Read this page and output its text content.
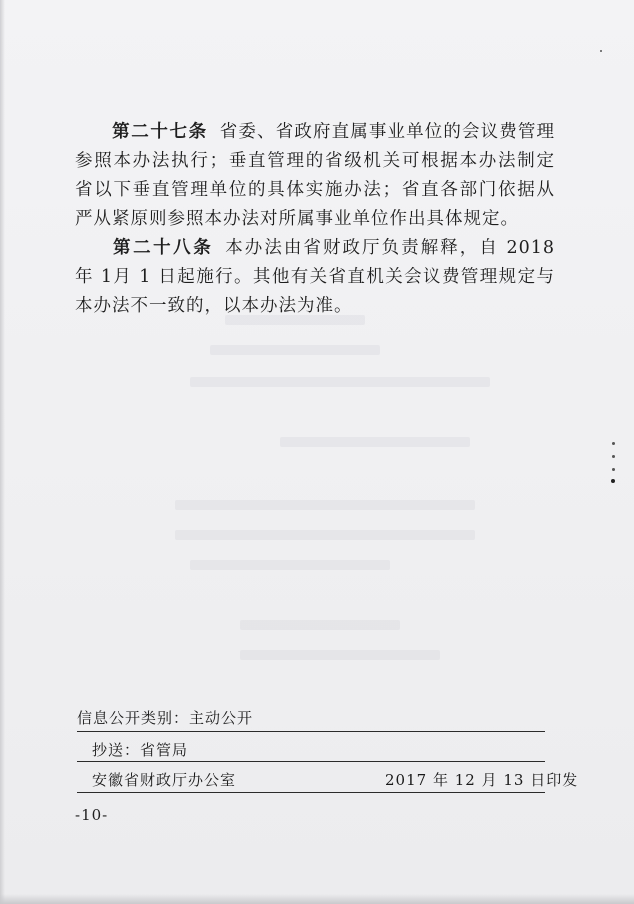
第二十七条 省委、省政府直属事业单位的会议费管理参照本办法执行；垂直管理的省级机关可根据本办法制定省以下垂直管理单位的具体实施办法；省直各部门依据从严从紧原则参照本办法对所属事业单位作出具体规定。

第二十八条 本办法由省财政厅负责解释，自 2018 年 1月 1 日起施行。其他有关省直机关会议费管理规定与本办法不一致的，以本办法为准。

信息公开类别：主动公开
抄送：省管局
安徽省财政厅办公室	2017 年 12 月 13 日印发
-10-
